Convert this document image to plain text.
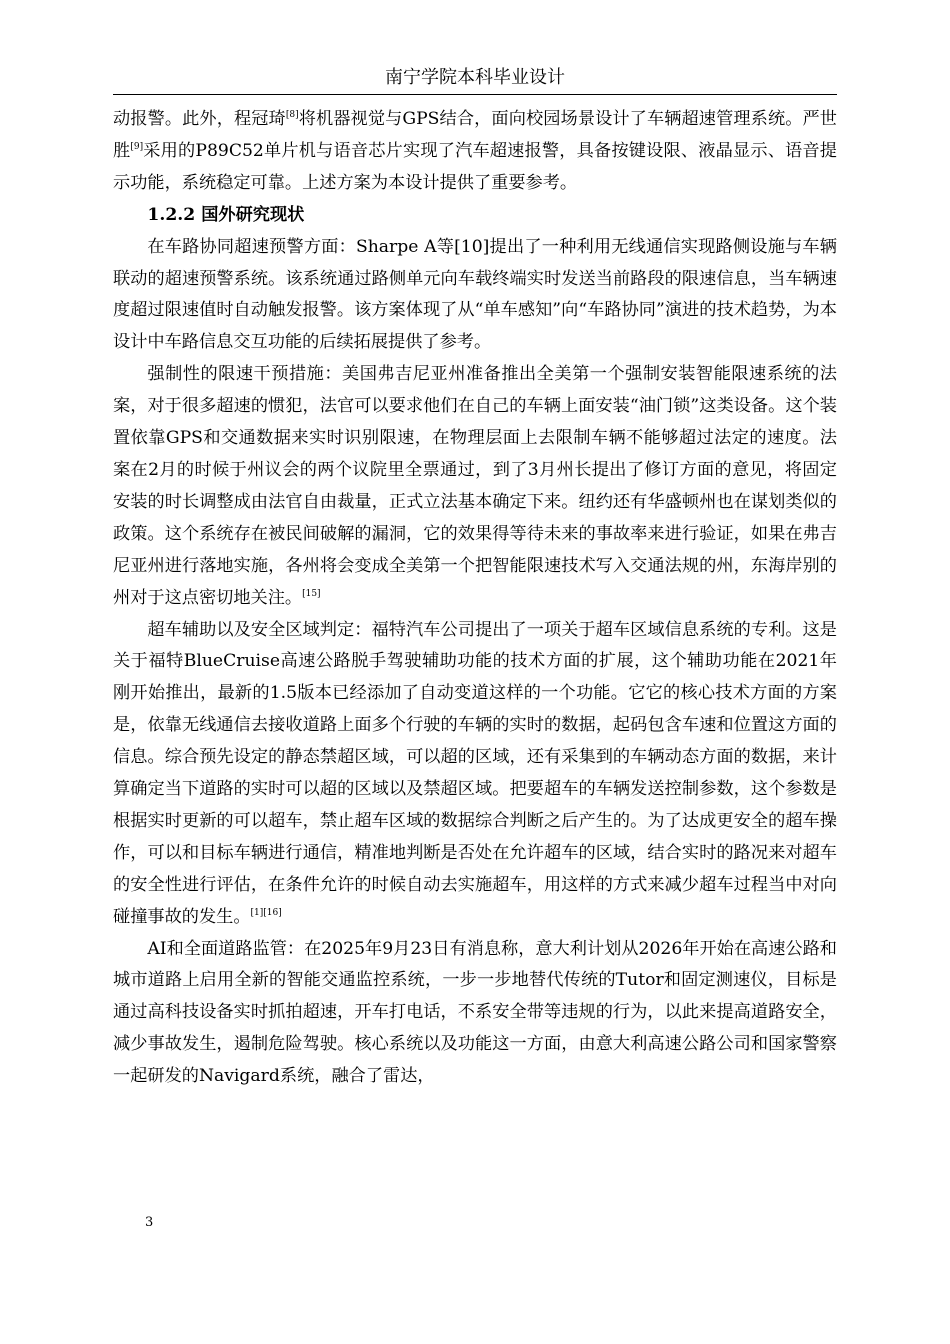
南宁学院本科毕业设计

动报警。此外，程冠琦[8]将机器视觉与GPS结合，面向校园场景设计了车辆超速管理系统。严世胜[9]采用的P89C52单片机与语音芯片实现了汽车超速报警，具备按键设限、液晶显示、语音提示功能，系统稳定可靠。上述方案为本设计提供了重要参考。

1.2.2 国外研究现状

在车路协同超速预警方面：Sharpe A等[10]提出了一种利用无线通信实现路侧设施与车辆联动的超速预警系统。该系统通过路侧单元向车载终端实时发送当前路段的限速信息，当车辆速度超过限速值时自动触发报警。该方案体现了从“单车感知”向“车路协同”演进的技术趋势，为本设计中车路信息交互功能的后续拓展提供了参考。

强制性的限速干预措施：美国弗吉尼亚州准备推出全美第一个强制安装智能限速系统的法案，对于很多超速的惯犯，法官可以要求他们在自己的车辆上面安装“油门锁”这类设备。这个装置依靠GPS和交通数据来实时识别限速，在物理层面上去限制车辆不能够超过法定的速度。法案在2月的时候于州议会的两个议院里全票通过，到了3月州长提出了修订方面的意见，将固定安装的时长调整成由法官自由裁量，正式立法基本确定下来。纽约还有华盛顿州也在谋划类似的政策。这个系统存在被民间破解的漏洞，它的效果得等待未来的事故率来进行验证，如果在弗吉尼亚州进行落地实施，各州将会变成全美第一个把智能限速技术写入交通法规的州，东海岸别的州对于这点密切地关注。[15]

超车辅助以及安全区域判定：福特汽车公司提出了一项关于超车区域信息系统的专利。这是关于福特BlueCruise高速公路脱手驾驶辅助功能的技术方面的扩展，这个辅助功能在2021年刚开始推出，最新的1.5版本已经添加了自动变道这样的一个功能。它它的核心技术方面的方案是，依靠无线通信去接收道路上面多个行驶的车辆的实时的数据，起码包含车速和位置这方面的信息。综合预先设定的静态禁超区域，可以超的区域，还有采集到的车辆动态方面的数据，来计算确定当下道路的实时可以超的区域以及禁超区域。把要超车的车辆发送控制参数，这个参数是根据实时更新的可以超车，禁止超车区域的数据综合判断之后产生的。为了达成更安全的超车操作，可以和目标车辆进行通信，精准地判断是否处在允许超车的区域，结合实时的路况来对超车的安全性进行评估，在条件允许的时候自动去实施超车，用这样的方式来减少超车过程当中对向碰撞事故的发生。[1][16]

AI和全面道路监管：在2025年9月23日有消息称，意大利计划从2026年开始在高速公路和城市道路上启用全新的智能交通监控系统，一步一步地替代传统的Tutor和固定测速仪，目标是通过高科技设备实时抓拍超速，开车打电话，不系安全带等违规的行为，以此来提高道路安全，减少事故发生，遏制危险驾驶。核心系统以及功能这一方面，由意大利高速公路公司和国家警察一起研发的Navigard系统，融合了雷达，

3
